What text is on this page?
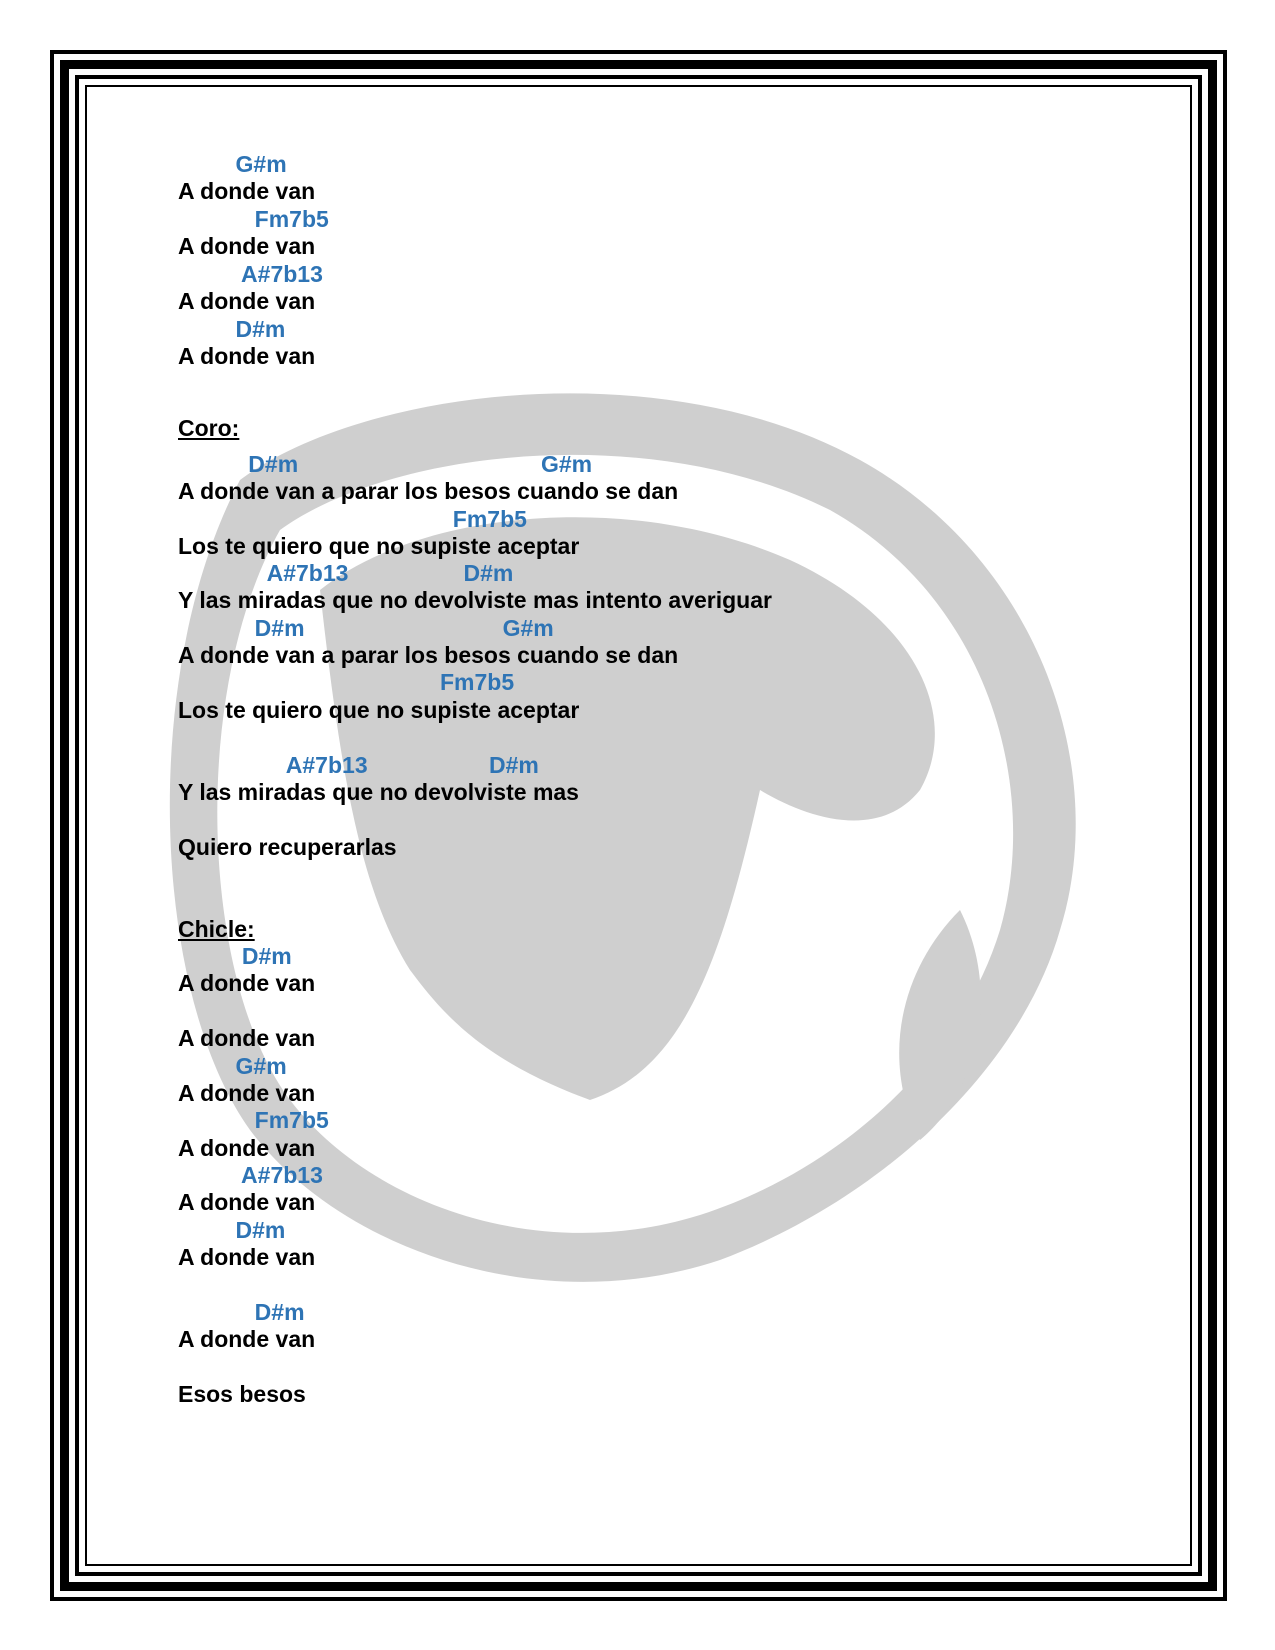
G#m
A donde van
Fm7b5
A donde van
A#7b13
A donde van
D#m
A donde van
Coro:
D#m                                      G#m
A donde van a parar los besos cuando se dan
Fm7b5
Los te quiero que no supiste aceptar
A#7b13                  D#m
Y las miradas que no devolviste mas intento averiguar
D#m                               G#m
A donde van a parar los besos cuando se dan
Fm7b5
Los te quiero que no supiste aceptar
A#7b13                   D#m
Y las miradas que no devolviste mas
Quiero recuperarlas
Chicle:
D#m
A donde van
A donde van
G#m
A donde van
Fm7b5
A donde van
A#7b13
A donde van
D#m
A donde van
D#m
A donde van
Esos besos
